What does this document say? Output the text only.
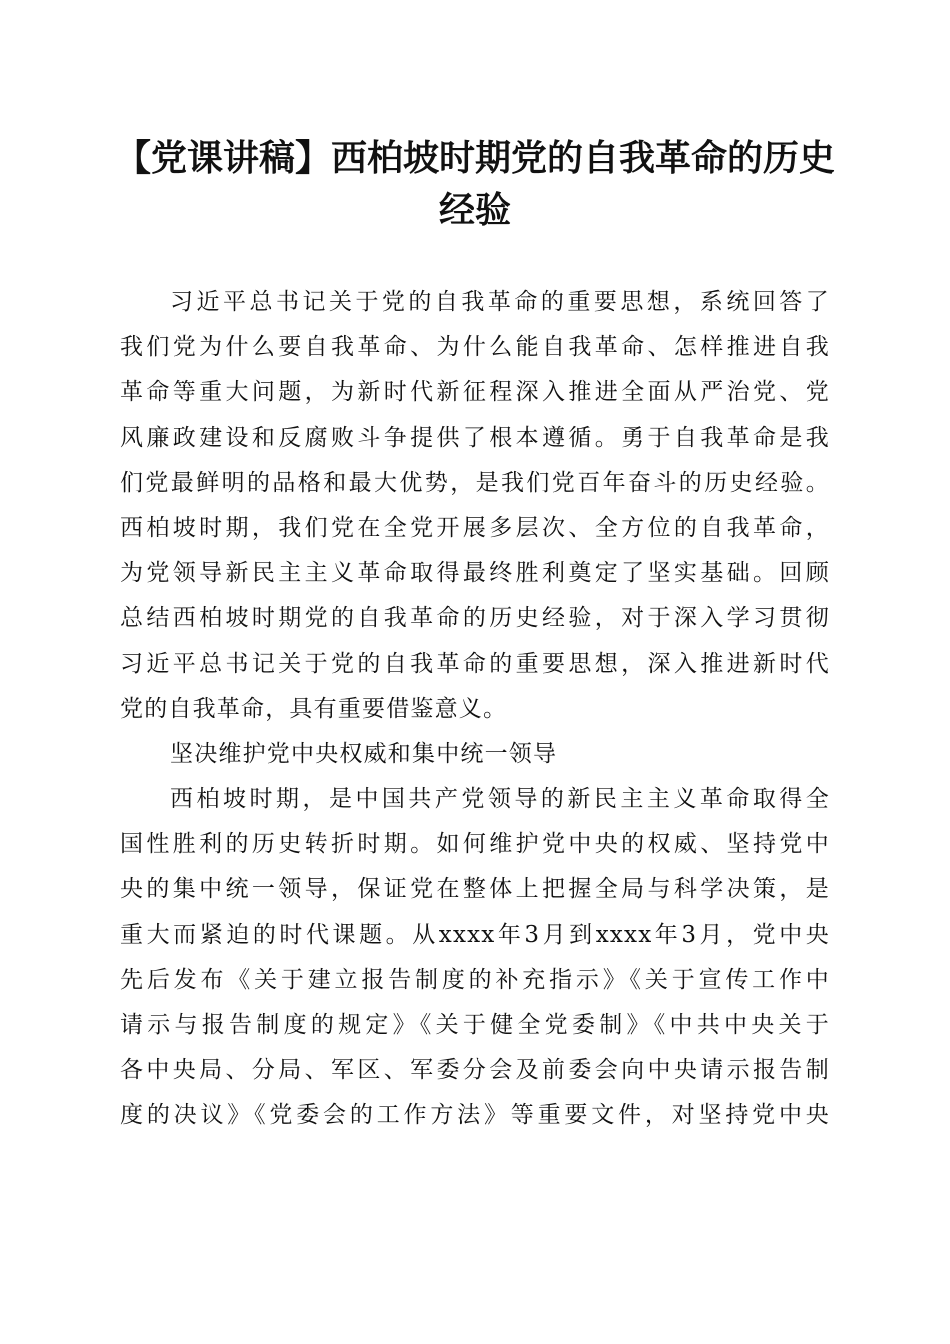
【党课讲稿】西柏坡时期党的自我革命的历史
经验
习近平总书记关于党的自我革命的重要思想，系统回答了
我们党为什么要自我革命、为什么能自我革命、怎样推进自我
革命等重大问题，为新时代新征程深入推进全面从严治党、党
风廉政建设和反腐败斗争提供了根本遵循。勇于自我革命是我
们党最鲜明的品格和最大优势，是我们党百年奋斗的历史经验。
西柏坡时期，我们党在全党开展多层次、全方位的自我革命，
为党领导新民主主义革命取得最终胜利奠定了坚实基础。回顾
总结西柏坡时期党的自我革命的历史经验，对于深入学习贯彻
习近平总书记关于党的自我革命的重要思想，深入推进新时代
党的自我革命，具有重要借鉴意义。
坚决维护党中央权威和集中统一领导
西柏坡时期，是中国共产党领导的新民主主义革命取得全
国性胜利的历史转折时期。如何维护党中央的权威、坚持党中
央的集中统一领导，保证党在整体上把握全局与科学决策，是
重大而紧迫的时代课题。从xxxx年3月到xxxx年3月，党中央
先后发布《关于建立报告制度的补充指示》《关于宣传工作中
请示与报告制度的规定》《关于健全党委制》《中共中央关于
各中央局、分局、军区、军委分会及前委会向中央请示报告制
度的决议》《党委会的工作方法》等重要文件，对坚持党中央
